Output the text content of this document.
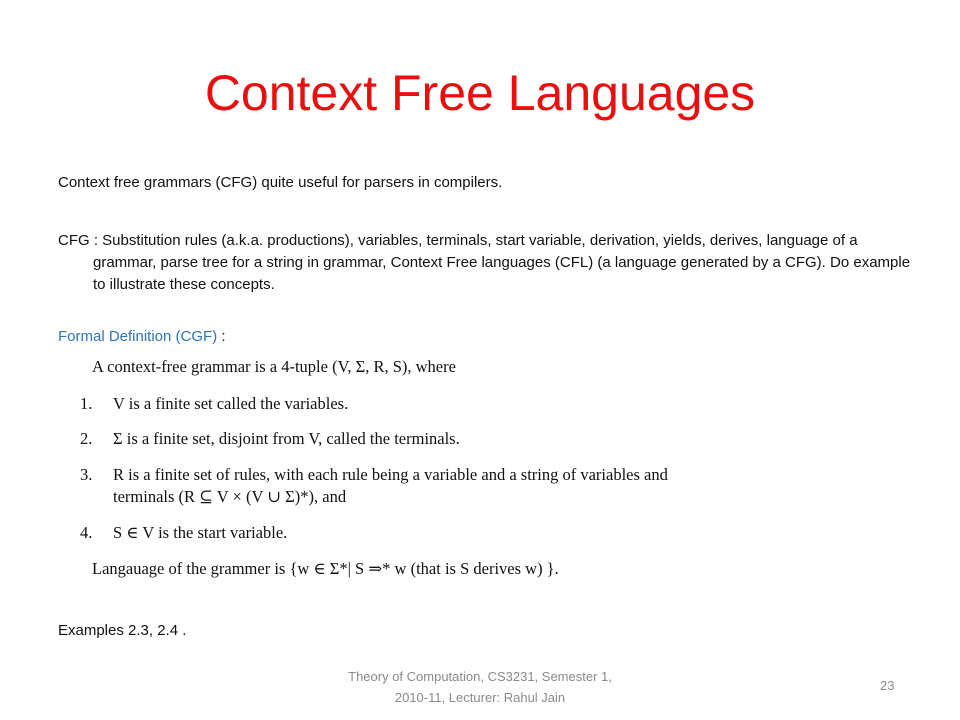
Context Free Languages
Context free grammars (CFG) quite useful for parsers in compilers.
CFG : Substitution rules (a.k.a. productions), variables, terminals, start variable, derivation, yields, derives, language of a grammar, parse tree for a string in grammar, Context Free languages (CFL) (a language generated by a CFG). Do example to illustrate these concepts.
Formal Definition (CGF) :
A context-free grammar is a 4-tuple (V, Σ, R, S), where
1.	V is a finite set called the variables.
2.	Σ is a finite set, disjoint from V, called the terminals.
3.	R is a finite set of rules, with each rule being a variable and a string of variables and terminals (R ⊆ V × (V ∪ Σ)*), and
4.	S ∈ V is the start variable.
Langauage of the grammer is {w ∈ Σ*| S ⇒* w (that is S derives w) }.
Examples 2.3, 2.4 .
Theory of Computation, CS3231, Semester 1, 2010-11, Lecturer: Rahul Jain
23
